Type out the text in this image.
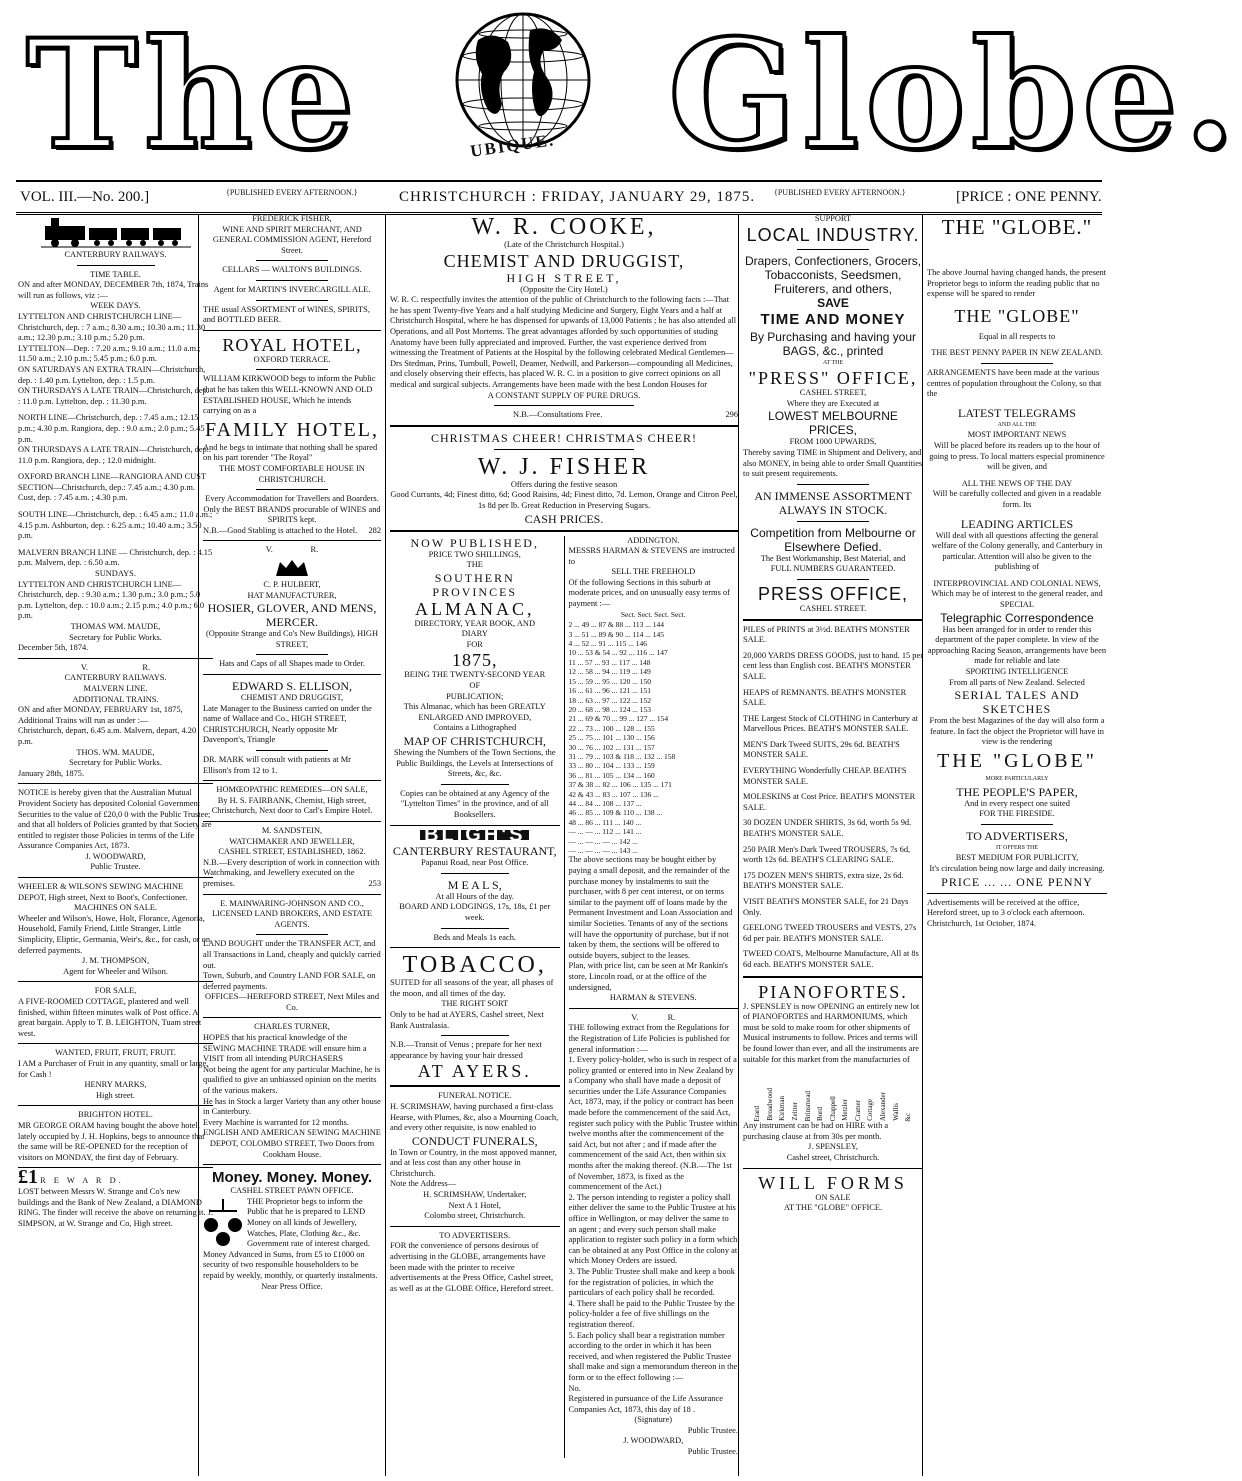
The	UBIQUE. Globe.
VOL. III.—No. 200.]	{PUBLISHED EVERY AFTERNOON.}	CHRISTCHURCH : FRIDAY, JANUARY 29, 1875. {PUBLISHED EVERY AFTERNOON.}	[PRICE : ONE PENNY.

CANTERBURY RAILWAYS.

TIME TABLE.

ON and after MONDAY, DECEMBER 7th, 1874, Trains will run as follows, viz :—

WEEK DAYS.

LYTTELTON AND CHRISTCHURCH LINE—Christchurch, dep. : 7 a.m.; 8.30 a.m.; 10.30 a.m.; 11.30 a.m.; 12.30 p.m.; 3.10 p.m.; 5.20 p.m.

LYTTELTON—Dep. : 7.20 a.m.; 9.10 a.m.; 11.0 a.m.; 11.50 a.m.; 2.10 p.m.; 5.45 p.m.; 6.0 p.m.

ON SATURDAYS AN EXTRA TRAIN—Christchurch, dep. : 1.40 p.m. Lyttelton, dep. : 1.5 p.m.

ON THURSDAYS A LATE TRAIN—Christchurch, dep. : 11.0 p.m. Lyttelton, dep. : 11.30 p.m.

NORTH LINE—Christchurch, dep. : 7.45 a.m.; 12.15 p.m.; 4.30 p.m. Rangiora, dep. : 9.0 a.m.; 2.0 p.m.; 5.45 p.m.

ON THURSDAYS A LATE TRAIN—Christchurch, dep.: 11.0 p.m. Rangiora, dep. ; 12.0 midnight.

OXFORD BRANCH LINE—RANGIORA AND CUST SECTION—Christchurch, dep.: 7.45 a.m.; 4.30 p.m. Cust, dep. : 7.45 a.m. ; 4.30 p.m.

SOUTH LINE—Christchurch, dep. : 6.45 a.m.; 11.0 a.m.; 4.15 p.m. Ashburton, dep. : 6.25 a.m.; 10.40 a.m.; 3.50 p.m.

MALVERN BRANCH LINE — Christchurch, dep. : 4.15 p.m. Malvern, dep. : 6.50 a.m.

SUNDAYS.

LYTTELTON AND CHRISTCHURCH LINE—Christchurch, dep. : 9.30 a.m.; 1.30 p.m.; 3.0 p.m.; 5.0 p.m. Lyttelton, dep. : 10.0 a.m.; 2.15 p.m.; 4.0 p.m.; 6.0 p.m.

THOMAS WM. MAUDE,

Secretary for Public Works.

December 5th, 1874.

V.                          R.

CANTERBURY RAILWAYS.

MALVERN LINE.

ADDITIONAL TRAINS.

ON and after MONDAY, FEBRUARY 1st, 1875, Additional Trains will run as under :—

Christchurch, depart, 6.45 a.m. Malvern, depart, 4.20 p.m.

THOS. WM. MAUDE,

Secretary for Public Works.

January 28th, 1875.

NOTICE is hereby given that the Australian Mutual Provident Society has deposited Colonial Government Securities to the value of £20,0 0 with the Public Trustee; and that all holders of Policies granted by that Society are entitled to register those Policies in terms of the Life Assurance Companies Act, 1873.

J. WOODWARD,

Public Trustee.

WHEELER & WILSON'S SEWING MACHINE DEPOT, High street, Next to Boot's, Confectioner.

MACHINES ON SALE.

Wheeler and Wilson's, Howe, Holt, Florance, Agenoria, Household, Family Friend, Little Stranger, Little Simplicity, Eliptic, Germania, Weir's, &c., for cash, or on deferred payments.

J. M. THOMPSON,

Agent for Wheeler and Wilson.

FOR SALE,

A FIVE-ROOMED COTTAGE, plastered and well finished, within fifteen minutes walk of Post office. A great bargain. Apply to T. B. LEIGHTON, Tuam street west.

WANTED, FRUIT, FRUIT, FRUIT.

I AM a Purchaser of Fruit in any quantity, small or large, for Cash !

HENRY MARKS,

High street.

BRIGHTON HOTEL.

MR GEORGE ORAM having bought the above hotel, lately occupied by J. H. Hopkins, begs to announce that the same will be RE-OPENED for the reception of visitors on MONDAY, the first day of February.

£1 R E W A R D.

LOST between Messrs W. Strange and Co's new buildings and the Bank of New Zealand, a DIAMOND RING. The finder will receive the above on returning it. J. SIMPSON, at W. Strange and Co, High street.

FREDERICK FISHER,

WINE AND SPIRIT MERCHANT, AND GENERAL COMMISSION AGENT, Hereford Street.

CELLARS — WALTON'S BUILDINGS.

Agent for MARTIN'S INVERCARGILL ALE.

THE usual ASSORTMENT of WINES, SPIRITS, and BOTTLED BEER.

ROYAL HOTEL,

OXFORD TERRACE.

WILLIAM KIRKWOOD begs to inform the Public that he has taken this WELL-KNOWN AND OLD ESTABLISHED HOUSE, Which he intends carrying on as a

FAMILY HOTEL,

And he begs to intimate that nothing shall be spared on his part torender "The Royal"

THE MOST COMFORTABLE HOUSE IN CHRISTCHURCH.

Every Accommodation for Travellers and Boarders.

Only the BEST BRANDS procurable of WINES and SPIRITS kept.

N.B.—Good Stabling is attached to the Hotel. 282

V.                  R.

C. P. HULBERT,

HAT MANUFACTURER,

HOSIER, GLOVER, AND MENS, MERCER.

(Opposite Strange and Co's New Buildings), HIGH STREET,

Hats and Caps of all Shapes made to Order.

EDWARD S. ELLISON,

CHEMIST AND DRUGGIST,

Late Manager to the Business carried on under the name of Wallace and Co., HIGH STREET, CHRISTCHURCH, Nearly opposite Mr Davenport's, Triangle

DR. MARK will consult with patients at Mr Ellison's from 12 to 1.

HOMŒOPATHIC REMEDIES—ON SALE,

By H. S. FAIRBANK, Chemist, High street, Christchurch, Next door to Carl's Empire Hotel.

M. SANDSTEIN,

WATCHMAKER AND JEWELLER,

CASHEL STREET, ESTABLISHED, 1862.

N.B.—Every description of work in connection with Watchmaking, and Jewellery executed on the premises.	253

E. MAINWARING-JOHNSON AND CO., LICENSED LAND BROKERS, AND ESTATE AGENTS.

LAND BOUGHT under the TRANSFER ACT, and all Transactions in Land, cheaply and quickly carried out.

Town, Suburb, and Country LAND FOR SALE, on deferred payments.

OFFICES—HEREFORD STREET, Next Miles and Co.

CHARLES TURNER,

HOPES that his practical knowledge of the SEWING MACHINE TRADE will ensure him a VISIT from all intending PURCHASERS

Not being the agent for any particular Machine, he is qualified to give an unbiassed opinion on the merits of the various makers.

He has in Stock a larger Variety than any other house in Canterbury.

Every Machine is warranted for 12 months.

ENGLISH AND AMERICAN SEWING MACHINE DEPOT, COLOMBO STREET, Two Doors from Cookham House.

Money. Money. Money.

CASHEL STREET PAWN OFFICE.

THE Proprietor begs to inform the Public that he is prepared to LEND Money on all kinds of Jewellery, Watches, Plate, Clothing &c., &c. Government rate of interest charged.

Money Advanced in Sums, from £5 to £1000 on security of two responsible householders to be repaid by weekly, monthly, or quarterly instalments.

Near Press Office.

W. R. COOKE,

(Late of the Christchurch Hospital.)

CHEMIST AND DRUGGIST,

HIGH STREET,

(Opposite the City Hotel.)

W. R. C. respectfully invites the attention of the public of Christchurch to the following facts :—That he has spent Twenty-five Years and a half studying Medicine and Surgery, Eight Years and a half at Christchurch Hospital, where he has dispensed for upwards of 13,000 Patients ; he has also attended all Operations, and all Post Mortems. The great advantages afforded by such opportunities of studing Anatomy have been fully appreciated and improved. Further, the vast experience derived from witnessing the Treatment of Patients at the Hospital by the following celebrated Medical Gentlemen—Drs Stedman, Prins, Turnbull, Powell, Deamer, Nedwill, and Parkerson—compounding all Medicines, and closely observing their effects, has placed W. R. C. in a position to give correct opinions on all medical and surgical subjects. Arrangements have been made with the best London Houses for

A CONSTANT SUPPLY OF PURE DRUGS.

N.B.—Consultations Free.	296

CHRISTMAS CHEER! CHRISTMAS CHEER!

W. J. FISHER

Offers during the festive season

Good Currants, 4d; Finest ditto, 6d; Good Raisins, 4d; Finest ditto, 7d. Lemon, Orange and Citron Peel, 1s 8d per lb. Great Reduction in Preserving Sugars.

CASH PRICES.

NOW PUBLISHED,

PRICE TWO SHILLINGS,

THE

SOUTHERN PROVINCES

ALMANAC,

DIRECTORY, YEAR BOOK, AND

DIARY

FOR

1875,

BEING THE TWENTY-SECOND YEAR

OF

PUBLICATION;

This Almanac, which has been GREATLY ENLARGED AND IMPROVED,

Contains a Lithographed

MAP OF CHRISTCHURCH,

Shewing the Numbers of the Town Sections, the Public Buildings, the Levels at Intersections of Streets, &c, &c.

Copies can be obtained at any Agency of the "Lyttelton Times" in the province, and of all Booksellers.

BLIGH'S

CANTERBURY RESTAURANT,

Papanui Road, near Post Office.

M E A L S,

At all Hours of the day.

BOARD AND LODGINGS, 17s, 18s, £1 per week.

Beds and Meals 1s each.

TOBACCO,

SUITED for all seasons of the year, all phases of the moon, and all times of the day.

THE RIGHT SORT

Only to be had at AYERS, Cashel street, Next Bank Australasia.

N.B.—Transit of Venus ; prepare for her next appearance by having your hair dressed

AT AYERS.

FUNERAL NOTICE.

H. SCRIMSHAW, having purchased a first-class Hearse, with Plumes, &c, also a Mourning Coach, and every other requisite, is now enabled to

CONDUCT FUNERALS,

In Town or Country, in the most appoved manner, and at less cost than any other house in Christchurch.

Note the Address—

H. SCRIMSHAW, Undertaker,

Next A 1 Hotel,

Colombo street, Christchurch.

TO ADVERTISERS.

FOR the convenience of persons desirous of advertising in the GLOBE, arrangements have been made with the printer to receive advertisements at the Press Office, Cashel street, as well as at the GLOBE Office, Hereford street.

ADDINGTON.

MESSRS HARMAN & STEVENS are instructed to

SELL THE FREEHOLD

Of the following Sections in this suburb at moderate prices, and on unusually easy terms of payment :—

Sect. Sect. Sect. Sect.

2 ... 49 ... 87 & 88 ... 113 ... 144

3 ... 51 ... 89 & 90 ... 114 ... 145

4 ... 52 ... 91 ... 115 ... 146

10 ... 53 & 54 ... 92 ... 116 ... 147

11 ... 57 ... 93 ... 117 ... 148

12 ... 58 ... 94 ... 119 ... 149

15 ... 59 ... 95 ... 120 ... 150

16 ... 61 ... 96 ... 121 ... 151

18 ... 63 ... 97 ... 122 ... 152

20 ... 68 ... 98 ... 124 ... 153

21 ... 69 & 70 ... 99 ... 127 ... 154

22 ... 73 ... 100 ... 128 ... 155

25 ... 75 ... 101 ... 130 ... 156

30 ... 76 ... 102 ... 131 ... 157

31 ... 79 ... 103 & 118 ... 132 ... 158

33 ... 80 ... 104 ... 133 ... 159

36 ... 81 ... 105 ... 134 ... 160

37 & 38 ... 82 ... 106 ... 135 ... 171

42 & 43 ... 83 ... 107 ... 136 ...

44 ... 84 ... 108 ... 137 ...

46 ... 85 ... 109 & 110 ... 138 ...

48 ... 86 ... 111 ... 140 ...

— ... — ... 112 ... 141 ...

— ... — ... — ... 142 ...

— ... — ... — ... 143 ...

The above sections may be bought either by paying a small deposit, and the remainder of the purchase money by instalments to suit the purchaser, with 8 per cent interest, or on terms similar to the payment off of loans made by the Permanent Investment and Loan Association and similar Societies. Tenants of any of the sections will have the opportunity of purchase, but if not taken by them, the sections will be offered to outside buyers, subject to the leases.

Plan, with price list, can be seen at Mr Rankin's store, Lincoln road, or at the office of the undersigned,

HARMAN & STEVENS.

V.              R.

THE following extract from the Regulations for the Registration of Life Policies is published for general information :—

1. Every policy-holder, who is such in respect of a policy granted or entered into in New Zealand by a Company who shall have made a deposit of securities under the Life Assurance Companies Act, 1873, may, if the policy or contract has been made before the commencement of the said Act, register such policy with the Public Trustee within twelve months after the commencement of the said Act, but not after ; and if made after the commencement of the said Act, then within six months after the making thereof. (N.B.—The 1st of November, 1873, is fixed as the commencement of the Act.)

2. The person intending to register a policy shall either deliver the same to the Public Trustee at his office in Wellington, or may deliver the same to an agent ; and every such person shall make application to register such policy in a form which can be obtained at any Post Office in the colony at which Money Orders are issued.

3. The Public Trustee shall make and keep a book for the registration of policies, in which the particulars of each policy shall be recorded.

4. There shall be paid to the Public Trustee by the policy-holder a fee of five shillings on the registration thereof.

5. Each policy shall bear a registration number according to the order in which it has been received, and when registered the Public Trustee shall make and sign a memorandum thereon in the form or to the effect following :—

No.

Registered in pursuance of the Life Assurance Companies Act, 1873, this day of 18 .

(Signature)

Public Trustee.

J. WOODWARD,

Public Trustee.

SUPPORT

LOCAL INDUSTRY.

Drapers, Confectioners, Grocers, Tobacconists, Seedsmen, Fruiterers, and others,

SAVE

TIME AND MONEY

By Purchasing and having your BAGS, &c., printed

AT THE

"PRESS" OFFICE,

CASHEL STREET,

Where they are Executed at

LOWEST MELBOURNE PRICES,

FROM 1000 UPWARDS,

Thereby saving TIME in Shipment and Delivery, and also MONEY, in being able to order Small Quantities to suit present requirements.

AN IMMENSE ASSORTMENT ALWAYS IN STOCK.

Competition from Melbourne or Elsewhere Defied.

The Best Workmanship, Best Material, and

FULL NUMBERS GUARANTEED.

PRESS OFFICE,

CASHEL STREET.

PILES of PRINTS at 3½d. BEATH'S MONSTER SALE.

20,000 YARDS DRESS GOODS, just to hand. 15 per cent less than English cost. BEATH'S MONSTER SALE.

HEAPS of REMNANTS. BEATH'S MONSTER SALE.

THE Largest Stock of CLOTHING in Canterbury at Marvellous Prices. BEATH'S MONSTER SALE.

MEN'S Dark Tweed SUITS, 29s 6d. BEATH'S MONSTER SALE.

EVERYTHING Wonderfully CHEAP. BEATH'S MONSTER SALE.

MOLESKINS at Cost Price. BEATH'S MONSTER SALE.

30 DOZEN UNDER SHIRTS, 3s 6d, worth 5s 9d. BEATH'S MONSTER SALE.

250 PAIR Men's Dark Tweed TROUSERS, 7s 6d, worth 12s 6d. BEATH'S CLEARING SALE.

175 DOZEN MEN'S SHIRTS, extra size, 2s 6d. BEATH'S MONSTER SALE.

VISIT BEATH'S MONSTER SALE, for 21 Days Only.

GEELONG TWEED TROUSERS and VESTS, 27s 6d per pair. BEATH'S MONSTER SALE.

TWEED COATS, Melbourne Manufacture, All at 8s 6d each. BEATH'S MONSTER SALE.

PIANOFORTES.

J. SPENSLEY is now OPENING an entirely new lot of PIANOFORTES and HARMONIUMS, which must be sold to make room for other shipments of Musical instruments to follow. Prices and terms will be found lower than ever, and all the instruments are suitable for this market from the manufacturies of

Erard Broadwood Kirkman Zeitter Brinsmead Bord Chappell Metzler Cramer Cottage Alexander Wallis &c

Any instrument can be had on HIRE with a purchasing clause at from 30s per month.

J. SPENSLEY,

Cashel street, Christchurch.

WILL FORMS

ON SALE

AT THE "GLOBE" OFFICE.

THE "GLOBE."

The above Journal having changed hands, the present Proprietor begs to inform the reading public that no expense will be spared to render

THE "GLOBE"

Equal in all respects to

THE BEST PENNY PAPER IN NEW ZEALAND.

ARRANGEMENTS have been made at the various centres of population throughout the Colony, so that the

LATEST TELEGRAMS

AND ALL THE

MOST IMPORTANT NEWS

Will be placed before its readers up to the hour of going to press. To local matters especial prominence will be given, and

ALL THE NEWS OF THE DAY

Will be carefully collected and given in a readable form. Its

LEADING ARTICLES

Will deal with all questions affecting the general welfare of the Colony generally, and Canterbury in particular. Attention will also be given to the publishing of

INTERPROVINCIAL AND COLONIAL NEWS,

Which may be of interest to the general reader, and

SPECIAL

Telegraphic Correspondence

Has been arranged for in order to render this department of the paper complete. In view of the approaching Racing Season, arrangements have been made for reliable and late

SPORTING INTELLIGENCE

From all parts of New Zealand. Selected

SERIAL TALES AND

SKETCHES

From the best Magazines of the day will also form a feature. In fact the object the Proprietor will have in view is the rendering

THE "GLOBE"

MORE PARTICULARLY

THE PEOPLE'S PAPER,

And in every respect one suited

FOR THE FIRESIDE.

TO ADVERTISERS,

IT OFFERS THE

BEST MEDIUM FOR PUBLICITY,

It's circulation being now large and daily increasing.

PRICE ... ... ONE PENNY

Advertisements will be received at the office, Hereford street, up to 3 o'clock each afternoon.

Christchurch, 1st October, 1874.
